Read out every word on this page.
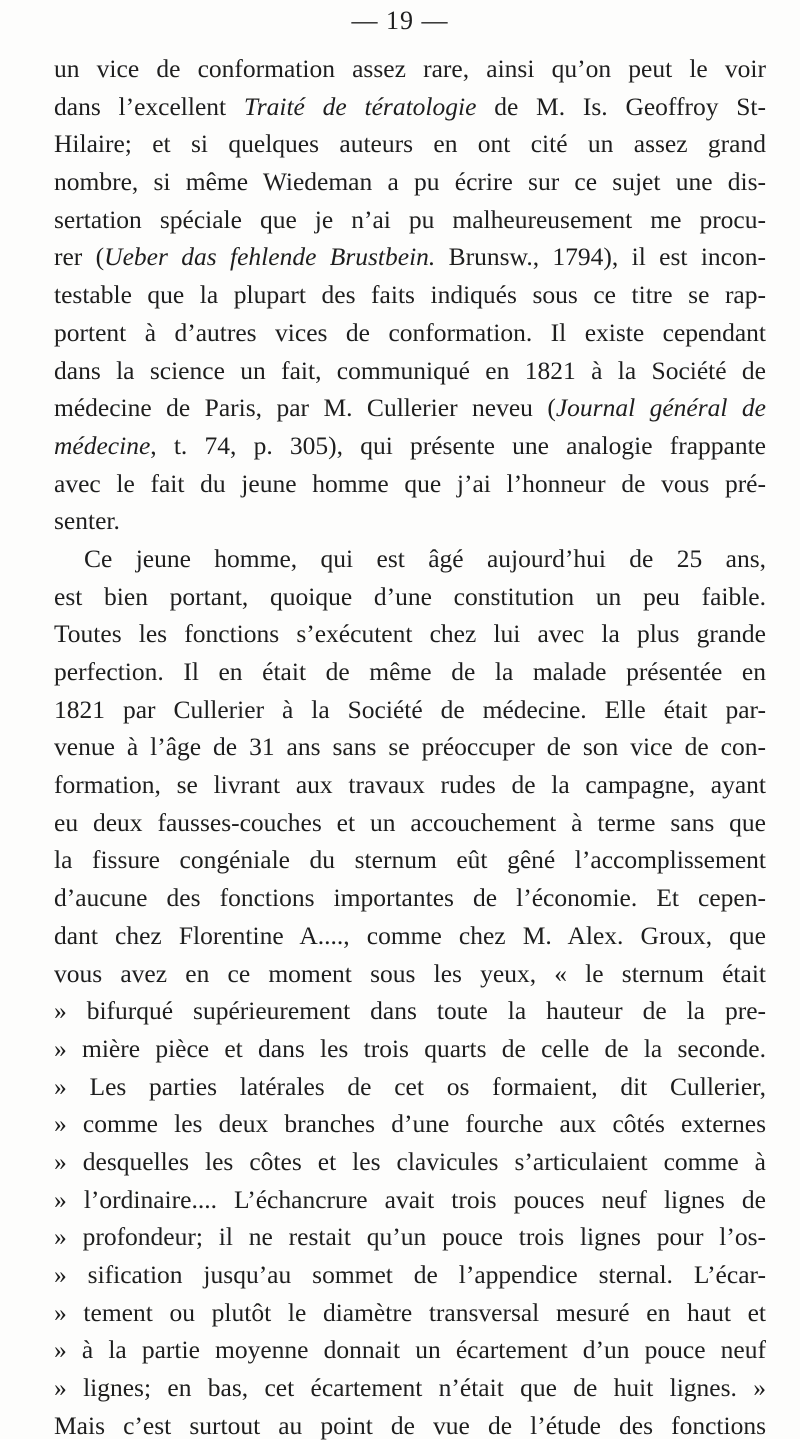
— 19 —
un vice de conformation assez rare, ainsi qu’on peut le voir
dans l’excellent Traité de tératologie de M. Is. Geoffroy St-
Hilaire; et si quelques auteurs en ont cité un assez grand
nombre, si même Wiedeman a pu écrire sur ce sujet une dis-
sertation spéciale que je n’ai pu malheureusement me procu-
rer (Ueber das fehlende Brustbein. Brunsw., 1794), il est incon-
testable que la plupart des faits indiqués sous ce titre se rap-
portent à d’autres vices de conformation. Il existe cependant
dans la science un fait, communiqué en 1821 à la Société de
médecine de Paris, par M. Cullerier neveu (Journal général de
médecine, t. 74, p. 305), qui présente une analogie frappante
avec le fait du jeune homme que j’ai l’honneur de vous pré-
senter.
Ce jeune homme, qui est âgé aujourd’hui de 25 ans,
est bien portant, quoique d’une constitution un peu faible.
Toutes les fonctions s’exécutent chez lui avec la plus grande
perfection. Il en était de même de la malade présentée en
1821 par Cullerier à la Société de médecine. Elle était par-
venue à l’âge de 31 ans sans se préoccuper de son vice de con-
formation, se livrant aux travaux rudes de la campagne, ayant
eu deux fausses-couches et un accouchement à terme sans que
la fissure congéniale du sternum eût gêné l’accomplissement
d’aucune des fonctions importantes de l’économie. Et cepen-
dant chez Florentine A...., comme chez M. Alex. Groux, que
vous avez en ce moment sous les yeux, « le sternum était
» bifurqué supérieurement dans toute la hauteur de la pre-
» mière pièce et dans les trois quarts de celle de la seconde.
» Les parties latérales de cet os formaient, dit Cullerier,
» comme les deux branches d’une fourche aux côtés externes
» desquelles les côtes et les clavicules s’articulaient comme à
» l’ordinaire.... L’échancrure avait trois pouces neuf lignes de
» profondeur; il ne restait qu’un pouce trois lignes pour l’os-
» sification jusqu’au sommet de l’appendice sternal. L’écar-
» tement ou plutôt le diamètre transversal mesuré en haut et
» à la partie moyenne donnait un écartement d’un pouce neuf
» lignes; en bas, cet écartement n’était que de huit lignes. »
Mais c’est surtout au point de vue de l’étude des fonctions
